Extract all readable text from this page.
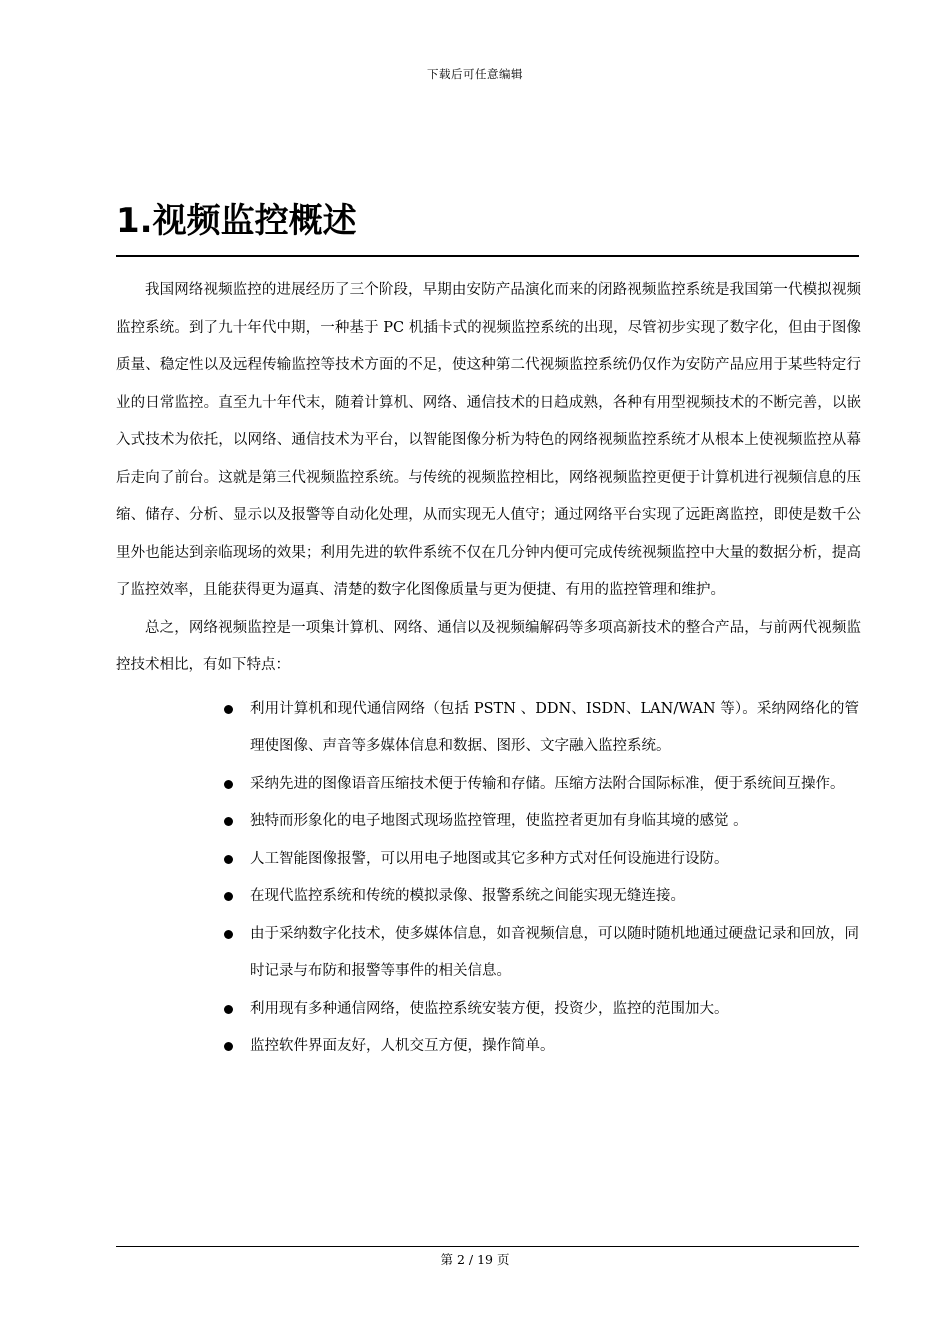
下载后可任意编辑
1.视频监控概述

我国网络视频监控的进展经历了三个阶段，早期由安防产品演化而来的闭路视频监控系统是我国第一代模拟视频监控系统。到了九十年代中期，一种基于 PC 机插卡式的视频监控系统的出现，尽管初步实现了数字化，但由于图像质量、稳定性以及远程传输监控等技术方面的不足，使这种第二代视频监控系统仍仅作为安防产品应用于某些特定行业的日常监控。直至九十年代末，随着计算机、网络、通信技术的日趋成熟，各种有用型视频技术的不断完善，以嵌入式技术为依托，以网络、通信技术为平台，以智能图像分析为特色的网络视频监控系统才从根本上使视频监控从幕后走向了前台。这就是第三代视频监控系统。与传统的视频监控相比，网络视频监控更便于计算机进行视频信息的压缩、储存、分析、显示以及报警等自动化处理，从而实现无人值守；通过网络平台实现了远距离监控，即使是数千公里外也能达到亲临现场的效果；利用先进的软件系统不仅在几分钟内便可完成传统视频监控中大量的数据分析，提高了监控效率，且能获得更为逼真、清楚的数字化图像质量与更为便捷、有用的监控管理和维护。

总之，网络视频监控是一项集计算机、网络、通信以及视频编解码等多项高新技术的整合产品，与前两代视频监控技术相比，有如下特点：

利用计算机和现代通信网络（包括 PSTN 、DDN、ISDN、LAN/WAN 等）。采纳网络化的管理使图像、声音等多媒体信息和数据、图形、文字融入监控系统。
采纳先进的图像语音压缩技术便于传输和存储。压缩方法附合国际标准，便于系统间互操作。
独特而形象化的电子地图式现场监控管理，使监控者更加有身临其境的感觉 。
人工智能图像报警，可以用电子地图或其它多种方式对任何设施进行设防。
在现代监控系统和传统的模拟录像、报警系统之间能实现无缝连接。
由于采纳数字化技术，使多媒体信息，如音视频信息，可以随时随机地通过硬盘记录和回放，同时记录与布防和报警等事件的相关信息。
利用现有多种通信网络，使监控系统安装方便，投资少，监控的范围加大。
监控软件界面友好，人机交互方便，操作简单。
第 2 / 19 页
